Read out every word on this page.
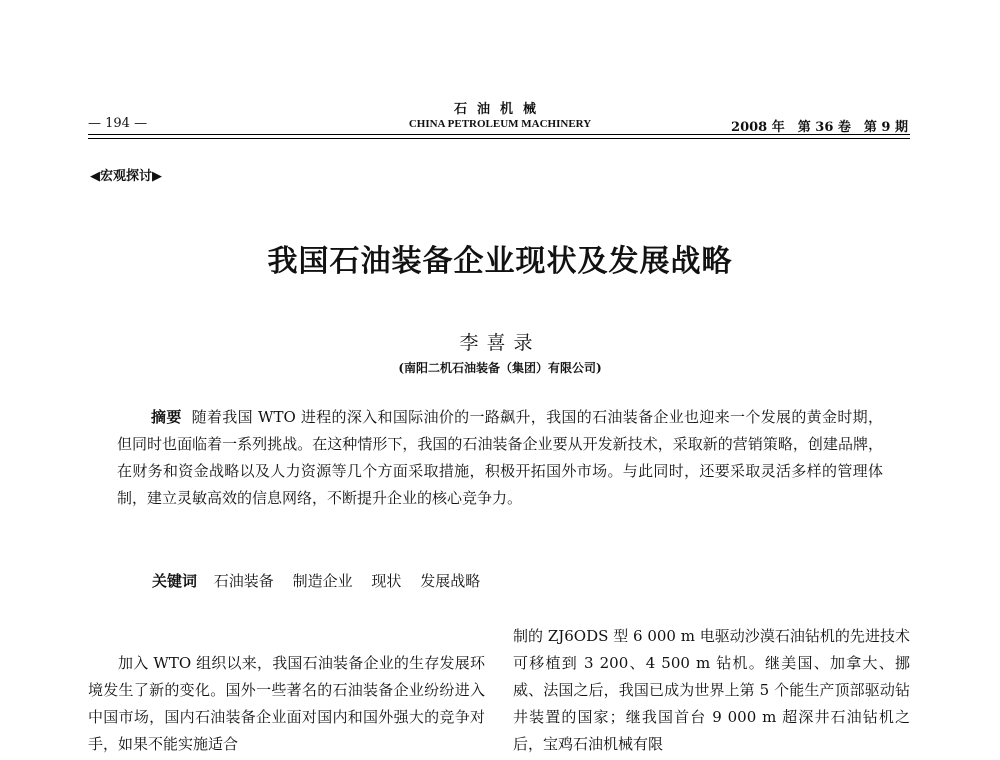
石油机械
— 194 —	CHINA PETROLEUM MACHINERY	2008 年　第 36 卷　第 9 期
◀宏观探讨▶
我国石油装备企业现状及发展战略
李喜录
(南阳二机石油装备（集团）有限公司)

摘要 随着我国 WTO 进程的深入和国际油价的一路飙升，我国的石油装备企业也迎来一个发展的黄金时期，但同时也面临着一系列挑战。在这种情形下，我国的石油装备企业要从开发新技术，采取新的营销策略，创建品牌，在财务和资金战略以及人力资源等几个方面采取措施，积极开拓国外市场。与此同时，还要采取灵活多样的管理体制，建立灵敏高效的信息网络，不断提升企业的核心竞争力。

关键词 石油装备 制造企业 现状 发展战略

加入 WTO 组织以来，我国石油装备企业的生存发展环境发生了新的变化。国外一些著名的石油装备企业纷纷进入中国市场，国内石油装备企业面对国内和国外强大的竞争对手，如果不能实施适合

制的 ZJ6ODS 型 6 000 m 电驱动沙漠石油钻机的先进技术可移植到 3 200、4 500 m 钻机。继美国、加拿大、挪威、法国之后，我国已成为世界上第 5 个能生产顶部驱动钻井装置的国家；继我国首台 9 000 m 超深井石油钻机之后，宝鸡石油机械有限
